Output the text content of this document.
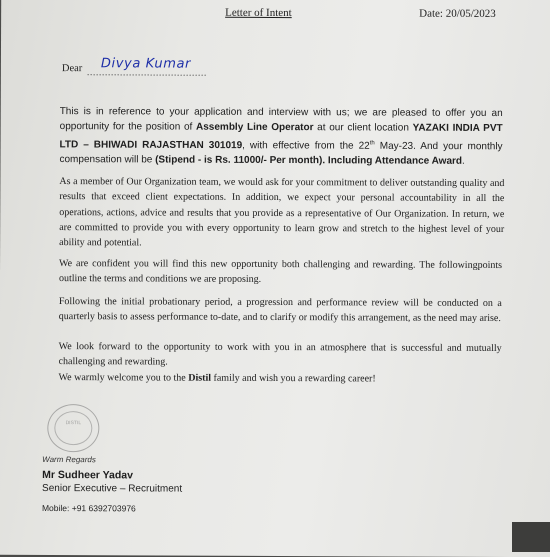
Letter of Intent	Date: 20/05/2023
Dear ........................................
Divya Kumar
This is in reference to your application and interview with us; we are pleased to offer you an opportunity for the position of Assembly Line Operator at our client location YAZAKI INDIA PVT LTD – BHIWADI RAJASTHAN 301019, with effective from the 22th May-23. And your monthly compensation will be (Stipend - is Rs. 11000/- Per month). Including Attendance Award.
As a member of Our Organization team, we would ask for your commitment to deliver outstanding quality and results that exceed client expectations. In addition, we expect your personal accountability in all the operations, actions, advice and results that you provide as a representative of Our Organization. In return, we are committed to provide you with every opportunity to learn grow and stretch to the highest level of your ability and potential.
We are confident you will find this new opportunity both challenging and rewarding. The followingpoints outline the terms and conditions we are proposing.
Following the initial probationary period, a progression and performance review will be conducted on a quarterly basis to assess performance to-date, and to clarify or modify this arrangement, as the need may arise.
We look forward to the opportunity to work with you in an atmosphere that is successful and mutually challenging and rewarding.
We warmly welcome you to the Distil family and wish you a rewarding career!
DISTIL
Warm Regards
Mr Sudheer Yadav
Senior Executive – Recruitment
Mobile: +91 6392703976
